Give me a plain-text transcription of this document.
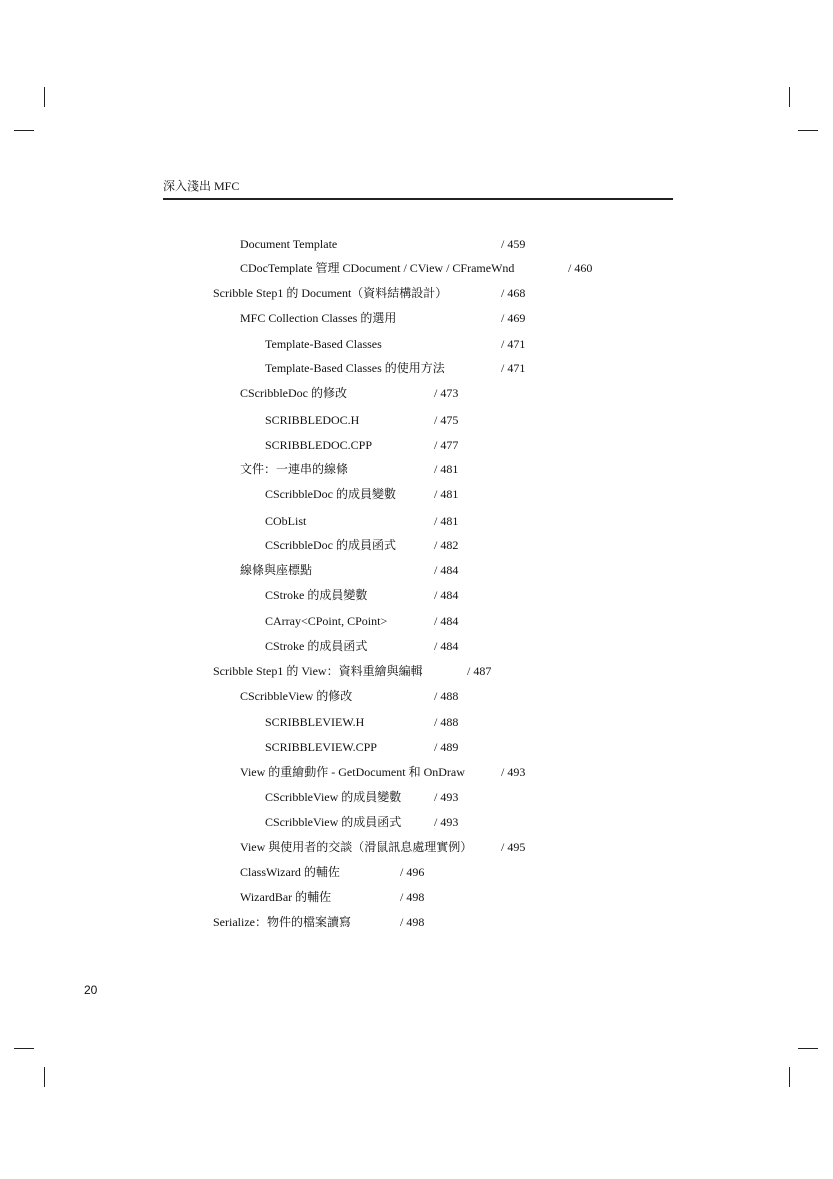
深入淺出 MFC
Document Template	/ 459
CDocTemplate 管理 CDocument / CView / CFrameWnd	/ 460
Scribble Step1 的 Document（資料結構設計）	/ 468
MFC Collection Classes 的選用	/ 469
Template-Based Classes	/ 471
Template-Based Classes 的使用方法	/ 471
CScribbleDoc 的修改	/ 473
SCRIBBLEDOC.H	/ 475
SCRIBBLEDOC.CPP	/ 477
文件：一連串的線條	/ 481
CScribbleDoc 的成員變數	/ 481
CObList	/ 481
CScribbleDoc 的成員函式	/ 482
線條與座標點	/ 484
CStroke 的成員變數	/ 484
CArray<CPoint, CPoint>	/ 484
CStroke 的成員函式	/ 484
Scribble Step1 的 View：資料重繪與編輯	/ 487
CScribbleView 的修改	/ 488
SCRIBBLEVIEW.H	/ 488
SCRIBBLEVIEW.CPP	/ 489
View 的重繪動作 - GetDocument 和 OnDraw	/ 493
CScribbleView 的成員變數	/ 493
CScribbleView 的成員函式	/ 493
View 與使用者的交談（滑鼠訊息處理實例） / 495
ClassWizard 的輔佐	/ 496
WizardBar 的輔佐	/ 498
Serialize：物件的檔案讀寫	/ 498
20
